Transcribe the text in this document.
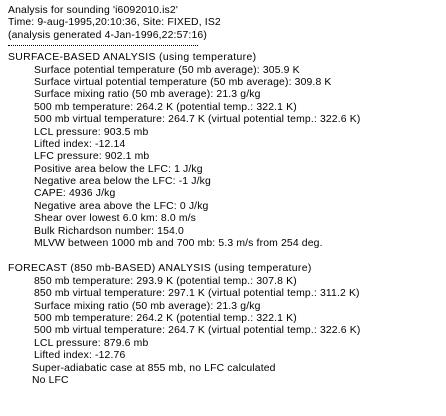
Analysis for sounding 'i6092010.is2'
Time: 9-aug-1995,20:10:36, Site: FIXED, IS2
(analysis generated 4-Jan-1996,22:57:16)
SURFACE-BASED ANALYSIS (using temperature)
Surface potential temperature (50 mb average): 305.9 K
Surface virtual potential temperature (50 mb average): 309.8 K
Surface mixing ratio (50 mb average): 21.3 g/kg
500 mb temperature: 264.2 K (potential temp.: 322.1 K)
500 mb virtual temperature: 264.7 K (virtual potential temp.: 322.6 K)
LCL pressure: 903.5 mb
Lifted index: -12.14
LFC pressure: 902.1 mb
Positive area below the LFC: 1 J/kg
Negative area below the LFC: -1 J/kg
CAPE: 4936 J/kg
Negative area above the LFC: 0 J/kg
Shear over lowest 6.0 km: 8.0 m/s
Bulk Richardson number: 154.0
MLVW between 1000 mb and 700 mb: 5.3 m/s from 254 deg.
FORECAST (850 mb-BASED) ANALYSIS (using temperature)
850 mb temperature: 293.9 K (potential temp.: 307.8 K)
850 mb virtual temperature: 297.1 K (virtual potential temp.: 311.2 K)
Surface mixing ratio (50 mb average): 21.3 g/kg
500 mb temperature: 264.2 K (potential temp.: 322.1 K)
500 mb virtual temperature: 264.7 K (virtual potential temp.: 322.6 K)
LCL pressure: 879.6 mb
Lifted index: -12.76
Super-adiabatic case at 855 mb, no LFC calculated
No LFC
